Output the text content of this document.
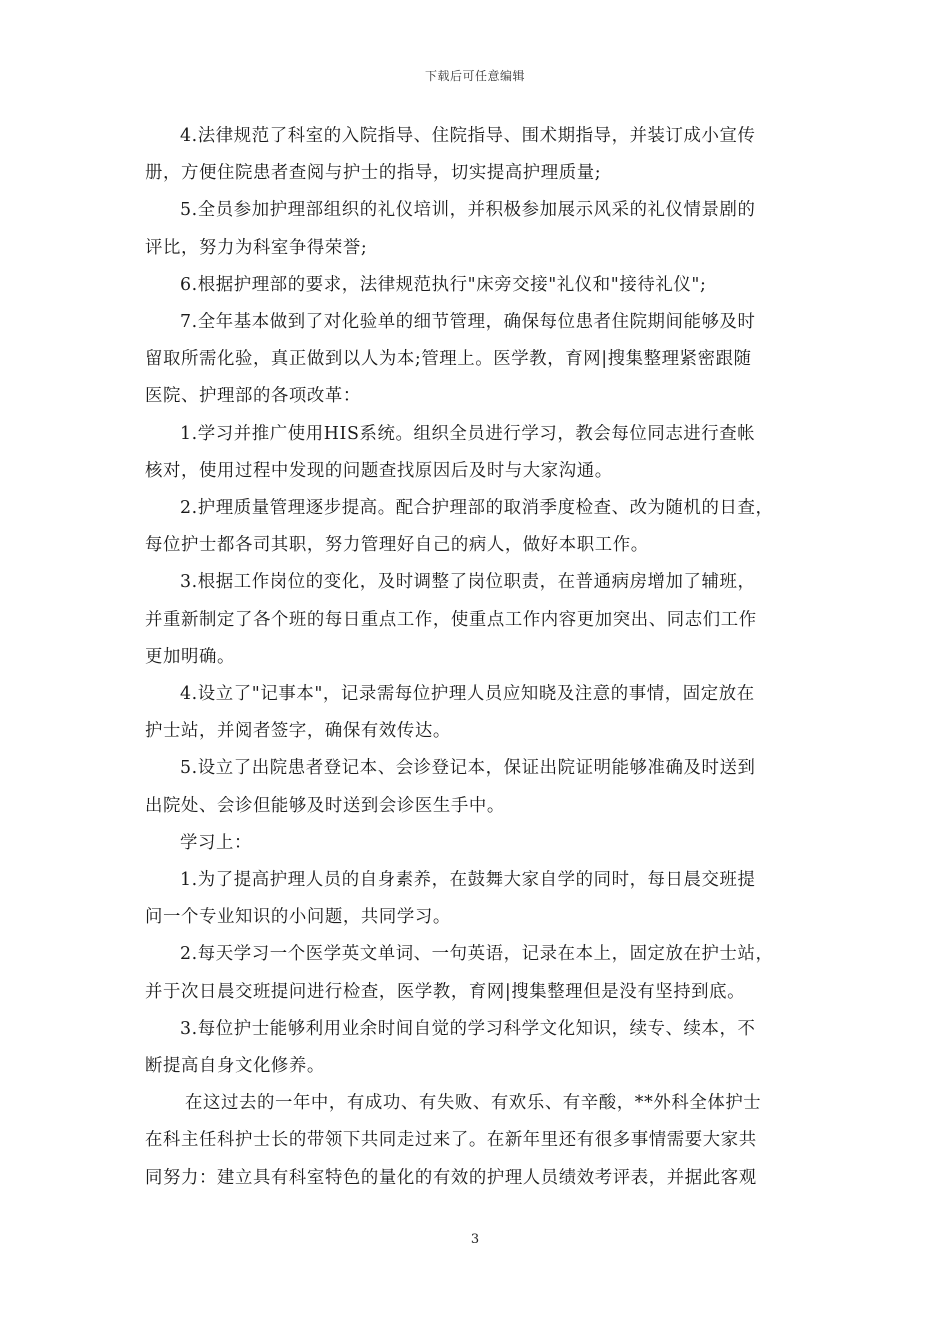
下载后可任意编辑

4.法律规范了科室的入院指导、住院指导、围术期指导，并装订成小宣传
册，方便住院患者查阅与护士的指导，切实提高护理质量;

5.全员参加护理部组织的礼仪培训，并积极参加展示风采的礼仪情景剧的
评比，努力为科室争得荣誉;

6.根据护理部的要求，法律规范执行"床旁交接"礼仪和"接待礼仪";

7.全年基本做到了对化验单的细节管理，确保每位患者住院期间能够及时
留取所需化验，真正做到以人为本;管理上。医学教，育网|搜集整理紧密跟随
医院、护理部的各项改革：

1.学习并推广使用HIS系统。组织全员进行学习，教会每位同志进行查帐
核对，使用过程中发现的问题查找原因后及时与大家沟通。

2.护理质量管理逐步提高。配合护理部的取消季度检查、改为随机的日查，
每位护士都各司其职，努力管理好自己的病人，做好本职工作。

3.根据工作岗位的变化，及时调整了岗位职责，在普通病房增加了辅班，
并重新制定了各个班的每日重点工作，使重点工作内容更加突出、同志们工作
更加明确。

4.设立了"记事本"，记录需每位护理人员应知晓及注意的事情，固定放在
护士站，并阅者签字，确保有效传达。

5.设立了出院患者登记本、会诊登记本，保证出院证明能够准确及时送到
出院处、会诊但能够及时送到会诊医生手中。

学习上：

1.为了提高护理人员的自身素养，在鼓舞大家自学的同时，每日晨交班提
问一个专业知识的小问题，共同学习。

2.每天学习一个医学英文单词、一句英语，记录在本上，固定放在护士站，
并于次日晨交班提问进行检查，医学教，育网|搜集整理但是没有坚持到底。

3.每位护士能够利用业余时间自觉的学习科学文化知识，续专、续本，不
断提高自身文化修养。

在这过去的一年中，有成功、有失败、有欢乐、有辛酸，**外科全体护士
在科主任科护士长的带领下共同走过来了。在新年里还有很多事情需要大家共
同努力：建立具有科室特色的量化的有效的护理人员绩效考评表，并据此客观

3
